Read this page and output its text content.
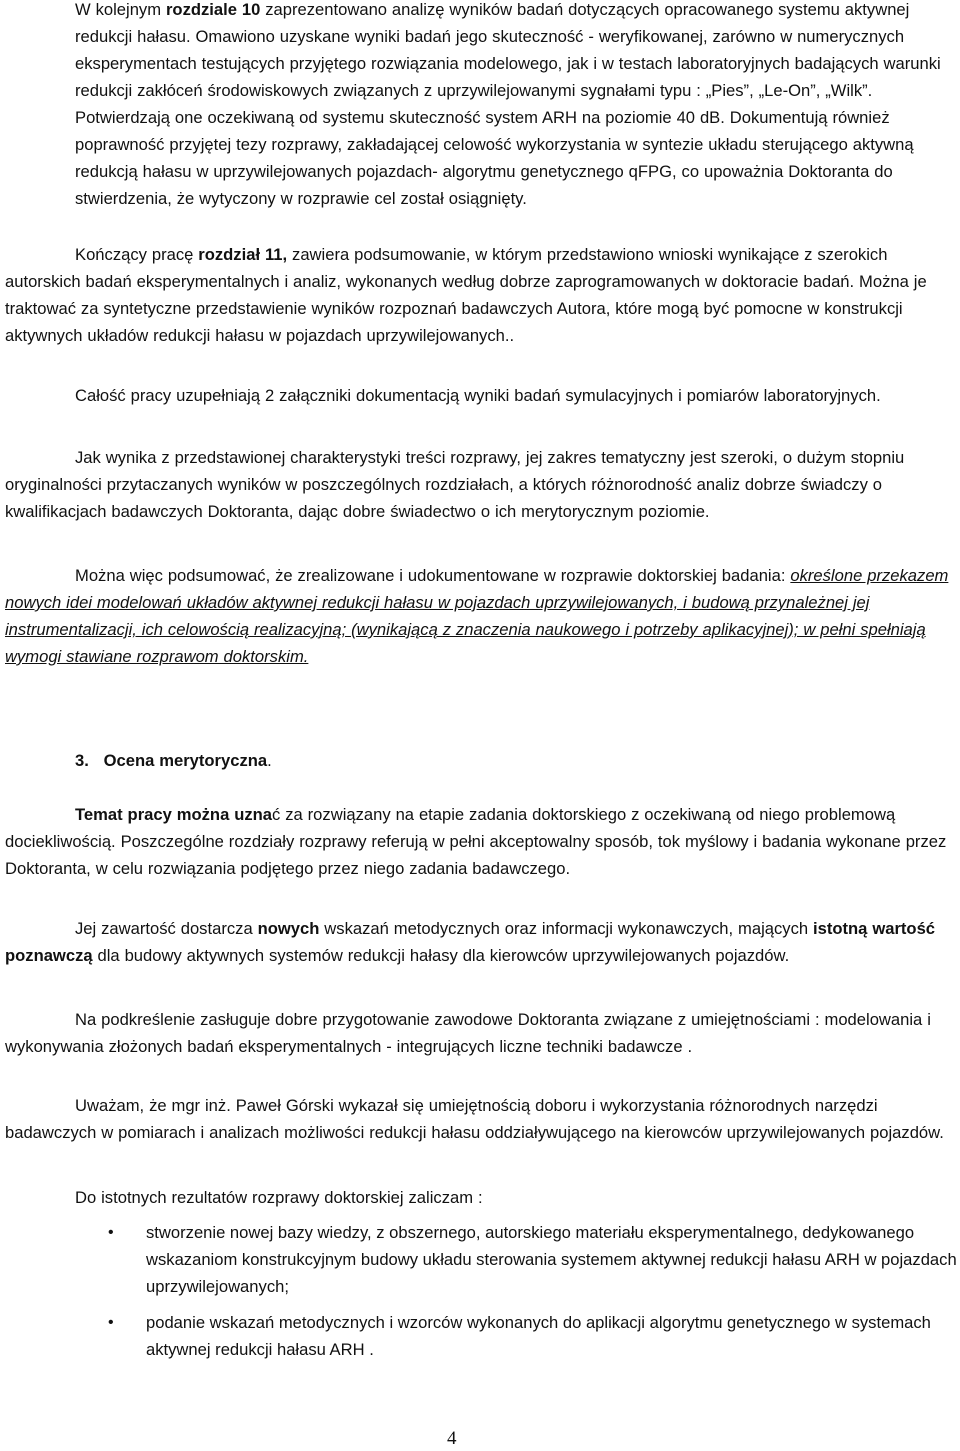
W kolejnym rozdziale 10 zaprezentowano analizę wyników badań dotyczących opracowanego systemu aktywnej redukcji hałasu. Omawiono uzyskane wyniki badań jego skuteczność - weryfikowanej, zarówno w numerycznych eksperymentach testujących przyjętego rozwiązania modelowego, jak i w testach laboratoryjnych badających warunki redukcji zakłóceń środowiskowych związanych z uprzywilejowanymi sygnałami typu : „Pies”, „Le-On”, „Wilk”. Potwierdzają one oczekiwaną od systemu skuteczność system ARH na poziomie 40 dB. Dokumentują również poprawność przyjętej tezy rozprawy, zakładającej celowość wykorzystania w syntezie układu sterującego aktywną redukcją hałasu w uprzywilejowanych pojazdach- algorytmu genetycznego qFPG, co upoważnia Doktoranta do stwierdzenia, że wytyczony w rozprawie cel został osiągnięty.

Kończący pracę rozdział 11, zawiera podsumowanie, w którym przedstawiono wnioski wynikające z szerokich autorskich badań eksperymentalnych i analiz, wykonanych według dobrze zaprogramowanych w doktoracie badań. Można je traktować za syntetyczne przedstawienie wyników rozpoznań badawczych Autora, które mogą być pomocne w konstrukcji aktywnych układów redukcji hałasu w pojazdach uprzywilejowanych..

Całość pracy uzupełniają 2 załączniki dokumentacją wyniki badań symulacyjnych i pomiarów laboratoryjnych.

Jak wynika z przedstawionej charakterystyki treści rozprawy, jej zakres tematyczny jest szeroki, o dużym stopniu oryginalności przytaczanych wyników w poszczególnych rozdziałach, a których różnorodność analiz dobrze świadczy o kwalifikacjach badawczych Doktoranta, dając dobre świadectwo o ich merytorycznym poziomie.

Można więc podsumować, że zrealizowane i udokumentowane w rozprawie doktorskiej badania: określone przekazem nowych idei modelowań układów aktywnej redukcji hałasu w pojazdach uprzywilejowanych, i budową przynależnej jej instrumentalizacji, ich celowością realizacyjną; (wynikającą z znaczenia naukowego i potrzeby aplikacyjnej); w pełni spełniają wymogi stawiane rozprawom doktorskim.

3. Ocena merytoryczna.

Temat pracy można uznać za rozwiązany na etapie zadania doktorskiego z oczekiwaną od niego problemową dociekliwością. Poszczególne rozdziały rozprawy referują w pełni akceptowalny sposób, tok myślowy i badania wykonane przez Doktoranta, w celu rozwiązania podjętego przez niego zadania badawczego.

Jej zawartość dostarcza nowych wskazań metodycznych oraz informacji wykonawczych, mających istotną wartość poznawczą dla budowy aktywnych systemów redukcji hałasy dla kierowców uprzywilejowanych pojazdów.

Na podkreślenie zasługuje dobre przygotowanie zawodowe Doktoranta związane z umiejętnościami : modelowania i wykonywania złożonych badań eksperymentalnych - integrujących liczne techniki badawcze .

Uważam, że mgr inż. Paweł Górski wykazał się umiejętnością doboru i wykorzystania różnorodnych narzędzi badawczych w pomiarach i analizach możliwości redukcji hałasu oddziaływującego na kierowców uprzywilejowanych pojazdów.

Do istotnych rezultatów rozprawy doktorskiej zaliczam :

• stworzenie nowej bazy wiedzy, z obszernego, autorskiego materiału eksperymentalnego, dedykowanego wskazaniom konstrukcyjnym budowy układu sterowania systemem aktywnej redukcji hałasu ARH w pojazdach uprzywilejowanych;
• podanie wskazań metodycznych i wzorców wykonanych do aplikacji algorytmu genetycznego w systemach aktywnej redukcji hałasu ARH .
4
